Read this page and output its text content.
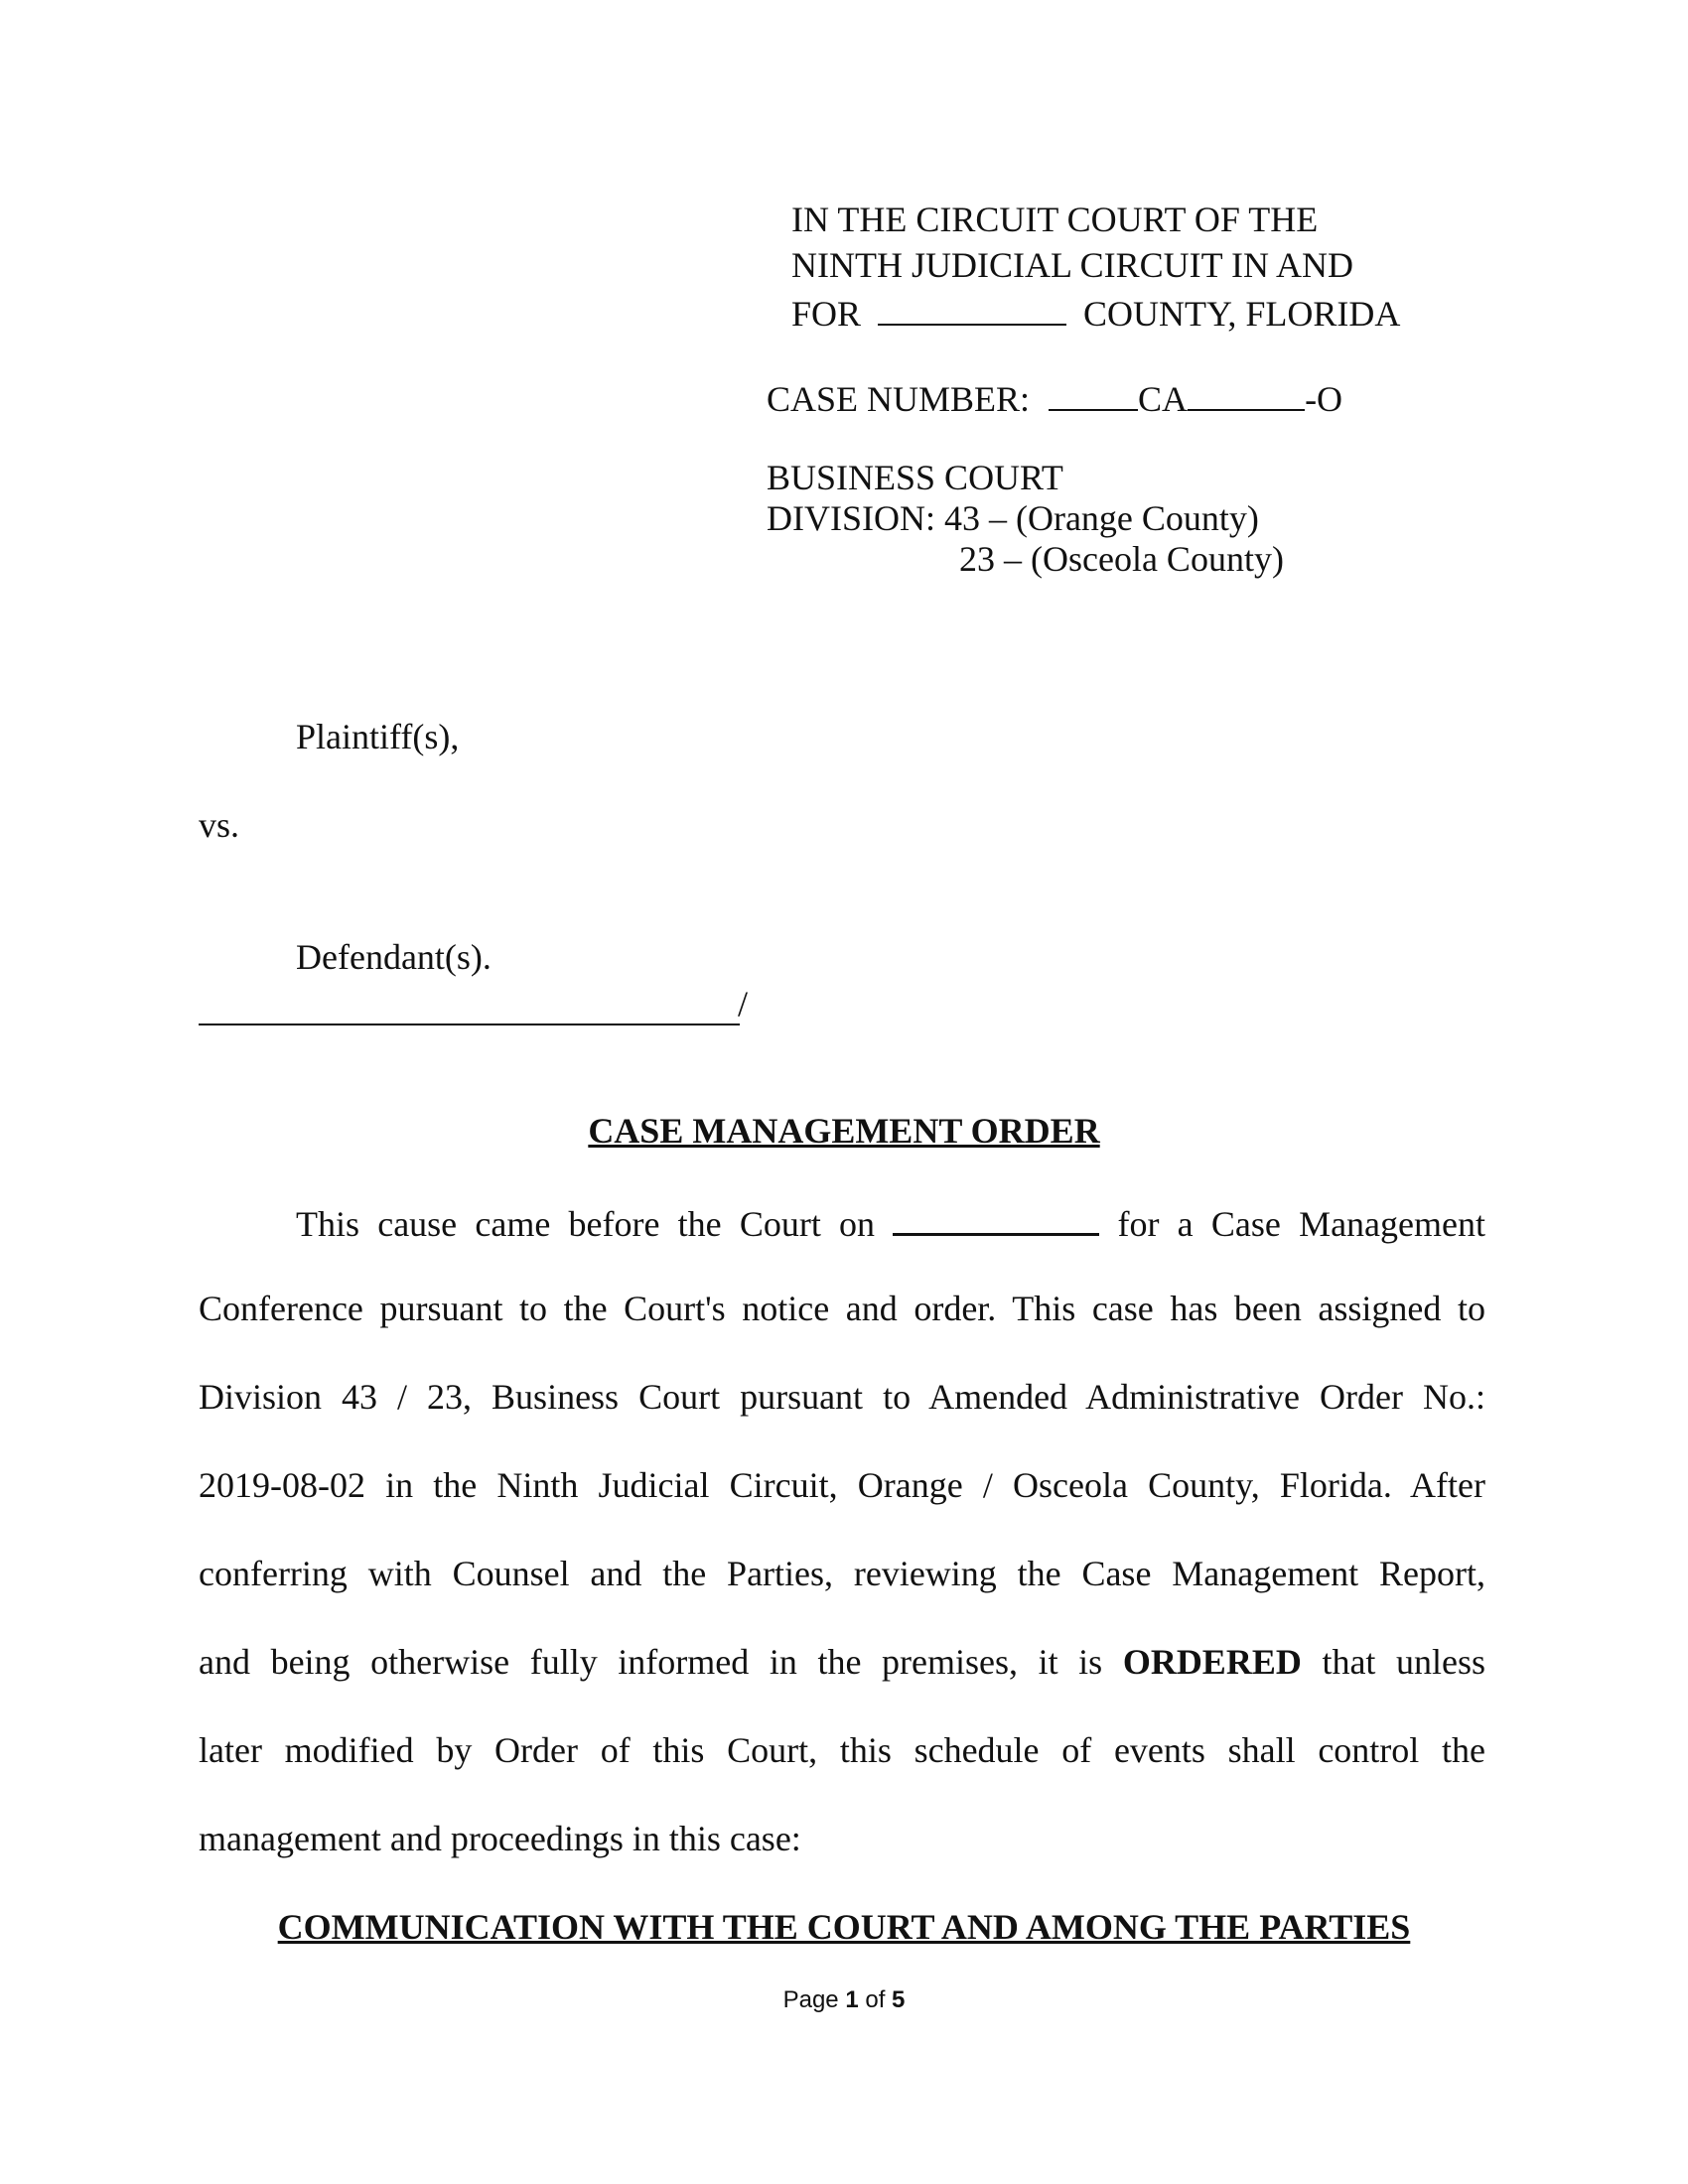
IN THE CIRCUIT COURT OF THE
NINTH JUDICIAL CIRCUIT IN AND
FOR	COUNTY, FLORIDA
CASE NUMBER:	CA	-O
BUSINESS COURT
DIVISION: 43 – (Orange County)
23 – (Osceola County)
Plaintiff(s),
vs.
Defendant(s).
/
CASE MANAGEMENT ORDER
This cause came before the Court on	for a Case Management
Conference pursuant to the Court's notice and order. This case has been assigned to
Division 43 / 23, Business Court pursuant to Amended Administrative Order No.:
2019-08-02 in the Ninth Judicial Circuit, Orange / Osceola County, Florida. After
conferring with Counsel and the Parties, reviewing the Case Management Report,
and being otherwise fully informed in the premises, it is ORDERED that unless
later modified by Order of this Court, this schedule of events shall control the
management and proceedings in this case:
COMMUNICATION WITH THE COURT AND AMONG THE PARTIES
Page 1 of 5
